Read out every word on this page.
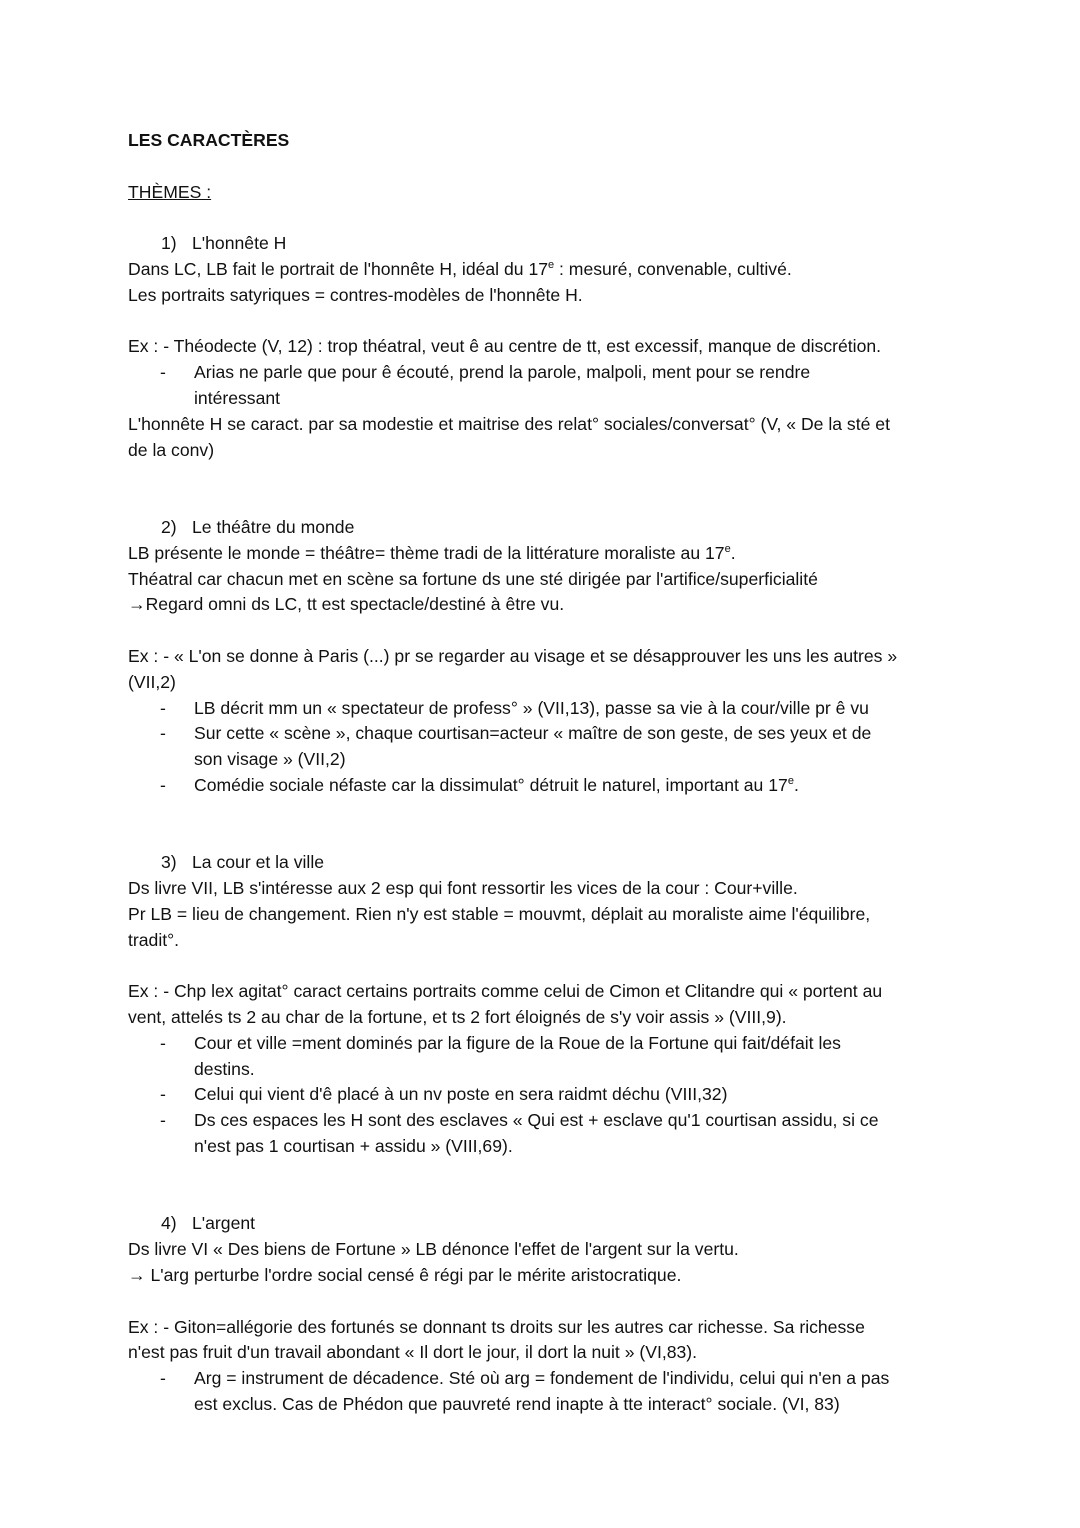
LES CARACTÈRES
THÈMES :
1) L'honnête H
Dans LC, LB fait le portrait de l'honnête H, idéal du 17e : mesuré, convenable, cultivé.
Les portraits satyriques = contres-modèles de l'honnête H.
Ex : - Théodecte (V, 12) : trop théatral, veut ê au centre de tt, est excessif, manque de discrétion.
- Arias ne parle que pour ê écouté, prend la parole, malpoli, ment pour se rendre
intéressant
L'honnête H se caract. par sa modestie et maitrise des relat° sociales/conversat° (V, « De la sté et
de la conv)
2) Le théâtre du monde
LB présente le monde = théâtre= thème tradi de la littérature moraliste au 17e.
Théatral car chacun met en scène sa fortune ds une sté dirigée par l'artifice/superficialité
→Regard omni ds LC, tt est spectacle/destiné à être vu.
Ex : - « L'on se donne à Paris (...) pr se regarder au visage et se désapprouver les uns les autres »
(VII,2)
- LB décrit mm un « spectateur de profess° » (VII,13), passe sa vie à la cour/ville pr ê vu
- Sur cette « scène », chaque courtisan=acteur « maître de son geste, de ses yeux et de
son visage » (VII,2)
- Comédie sociale néfaste car la dissimulat° détruit le naturel, important au 17e.
3) La cour et la ville
Ds livre VII, LB s'intéresse aux 2 esp qui font ressortir les vices de la cour : Cour+ville.
Pr LB = lieu de changement. Rien n'y est stable = mouvmt, déplait au moraliste aime l'équilibre,
tradit°.
Ex : - Chp lex agitat° caract certains portraits comme celui de Cimon et Clitandre qui « portent au
vent, attelés ts 2 au char de la fortune, et ts 2 fort éloignés de s'y voir assis » (VIII,9).
- Cour et ville =ment dominés par la figure de la Roue de la Fortune qui fait/défait les
destins.
- Celui qui vient d'ê placé à un nv poste en sera raidmt déchu (VIII,32)
- Ds ces espaces les H sont des esclaves « Qui est + esclave qu'1 courtisan assidu, si ce
n'est pas 1 courtisan + assidu » (VIII,69).
4) L'argent
Ds livre VI « Des biens de Fortune » LB dénonce l'effet de l'argent sur la vertu.
→ L'arg perturbe l'ordre social censé ê régi par le mérite aristocratique.
Ex : - Giton=allégorie des fortunés se donnant ts droits sur les autres car richesse. Sa richesse
n'est pas fruit d'un travail abondant « Il dort le jour, il dort la nuit » (VI,83).
- Arg = instrument de décadence. Sté où arg = fondement de l'individu, celui qui n'en a pas
est exclus. Cas de Phédon que pauvreté rend inapte à tte interact° sociale. (VI, 83)
